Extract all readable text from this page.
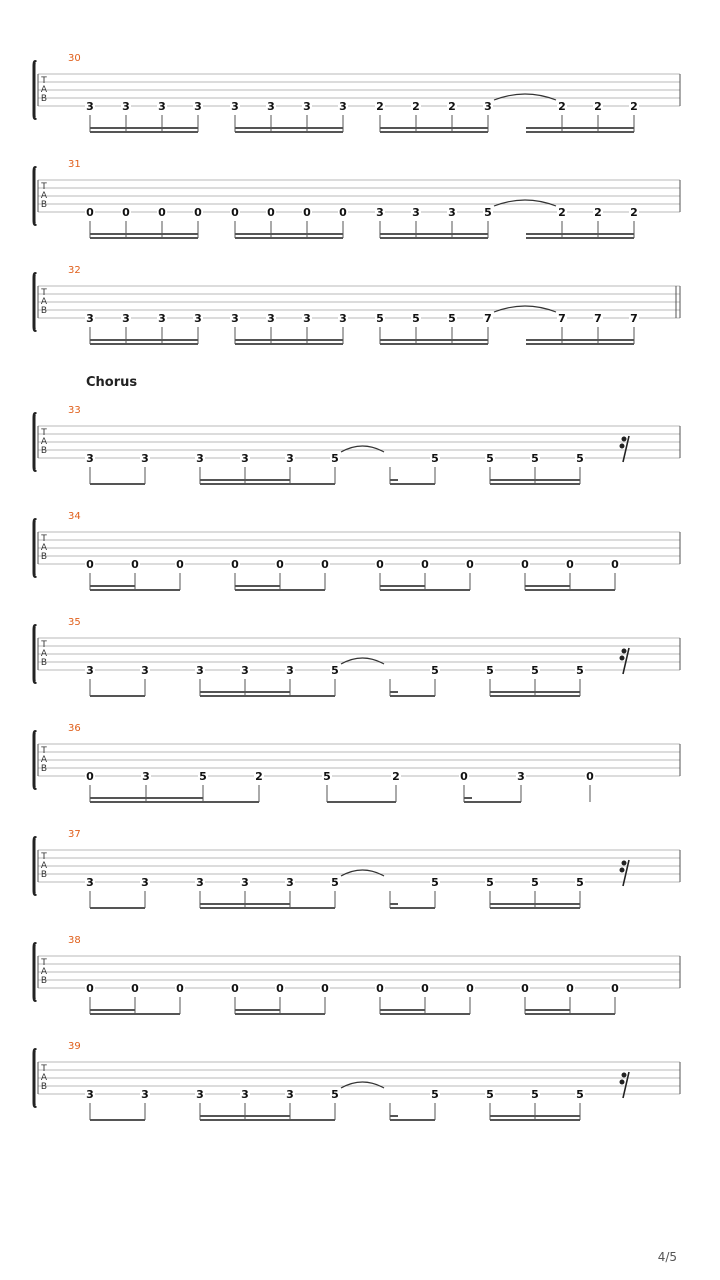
T
A
B
30
3	3	3	3	3	3	3	3	2	2	2	3	2	2	2
T
A
B
31
0	0	0	0	0	0	0	0	3	3	3	5	2	2	2
T
A
B
32
3	3	3	3	3	3	3	3	5	5	5	7	7	7	7
T
A
B
33
Chorus
3	3	3	3	3	5	5	5	5	5
T
A
B
34
0	0	0	0	0	0	0	0	0	0	0	0
T
A
B
35
3	3	3	3	3	5	5	5	5	5
T
A
B
36
0	3	5	2	5	2	0	3	0
T
A
B
37
3	3	3	3	3	5	5	5	5	5
T
A
B
38
0	0	0	0	0	0	0	0	0	0	0	0
T
A
B
39
3	3	3	3	3	5	5	5	5	5
4/5
